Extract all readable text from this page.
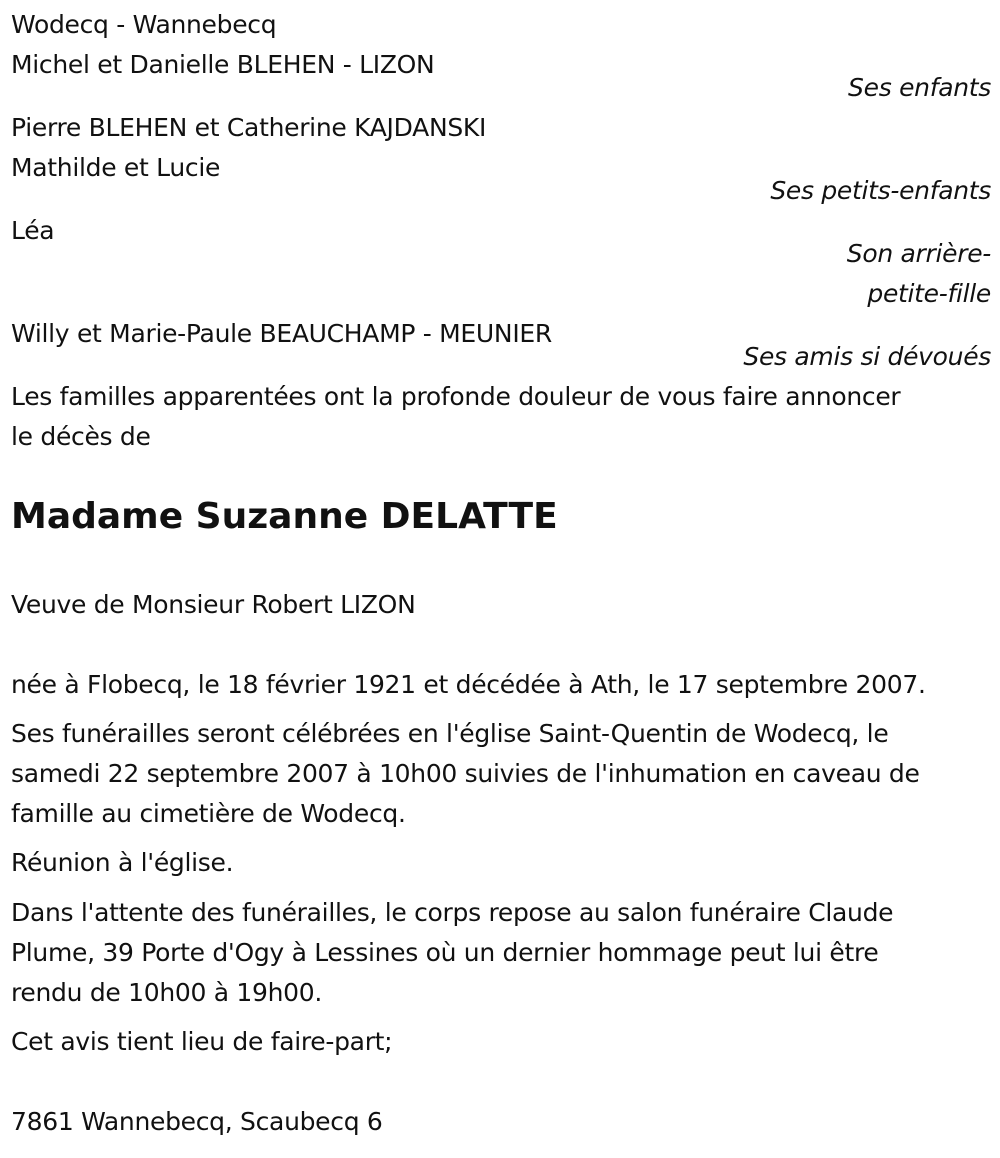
Wodecq - Wannebecq
Michel et Danielle BLEHEN - LIZON
Ses enfants
Pierre BLEHEN et Catherine KAJDANSKI
Mathilde et Lucie
Ses petits-enfants
Léa
Son arrière-
petite-fille
Willy et Marie-Paule BEAUCHAMP - MEUNIER
Ses amis si dévoués
Les familles apparentées ont la profonde douleur de vous faire annoncer
le décès de
Madame Suzanne DELATTE
Veuve de Monsieur Robert LIZON
née à Flobecq, le 18 février 1921 et décédée à Ath, le 17 septembre 2007.
Ses funérailles seront célébrées en l'église Saint-Quentin de Wodecq, le
samedi 22 septembre 2007 à 10h00 suivies de l'inhumation en caveau de
famille au cimetière de Wodecq.
Réunion à l'église.
Dans l'attente des funérailles, le corps repose au salon funéraire Claude
Plume, 39 Porte d'Ogy à Lessines où un dernier hommage peut lui être
rendu de 10h00 à 19h00.
Cet avis tient lieu de faire-part;
7861 Wannebecq, Scaubecq 6
